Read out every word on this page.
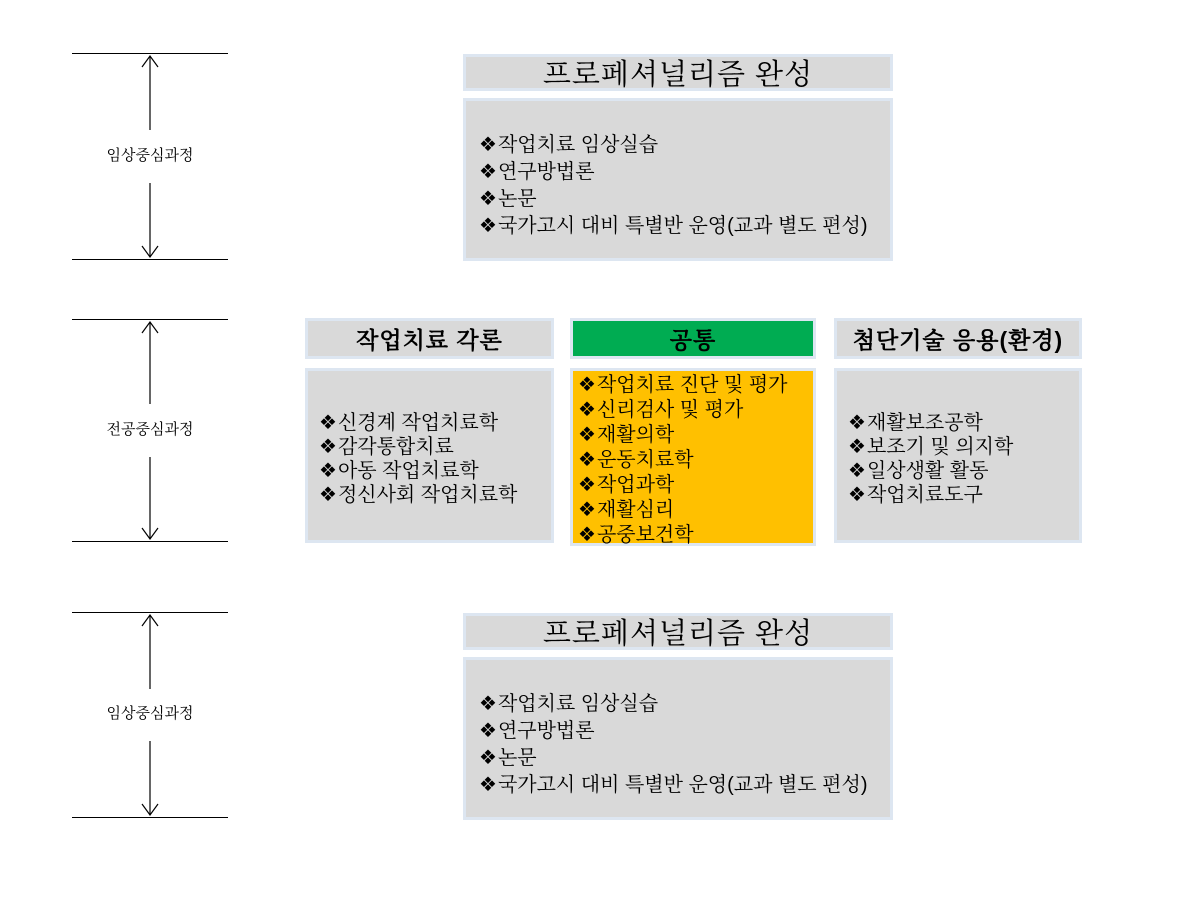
임상중심과정
전공중심과정
임상중심과정
프로페셔널리즘 완성
❖작업치료 임상실습
❖연구방법론
❖논문
❖국가고시 대비 특별반 운영(교과 별도 편성)
작업치료 각론
❖신경계 작업치료학
❖감각통합치료
❖아동 작업치료학
❖정신사회 작업치료학
공통
❖작업치료 진단 및 평가
❖신리검사 및 평가
❖재활의학
❖운동치료학
❖작업과학
❖재활심리
❖공중보건학
첨단기술 응용(환경)
❖재활보조공학
❖보조기 및 의지학
❖일상생활 활동
❖작업치료도구
프로페셔널리즘 완성
❖작업치료 임상실습
❖연구방법론
❖논문
❖국가고시 대비 특별반 운영(교과 별도 편성)
